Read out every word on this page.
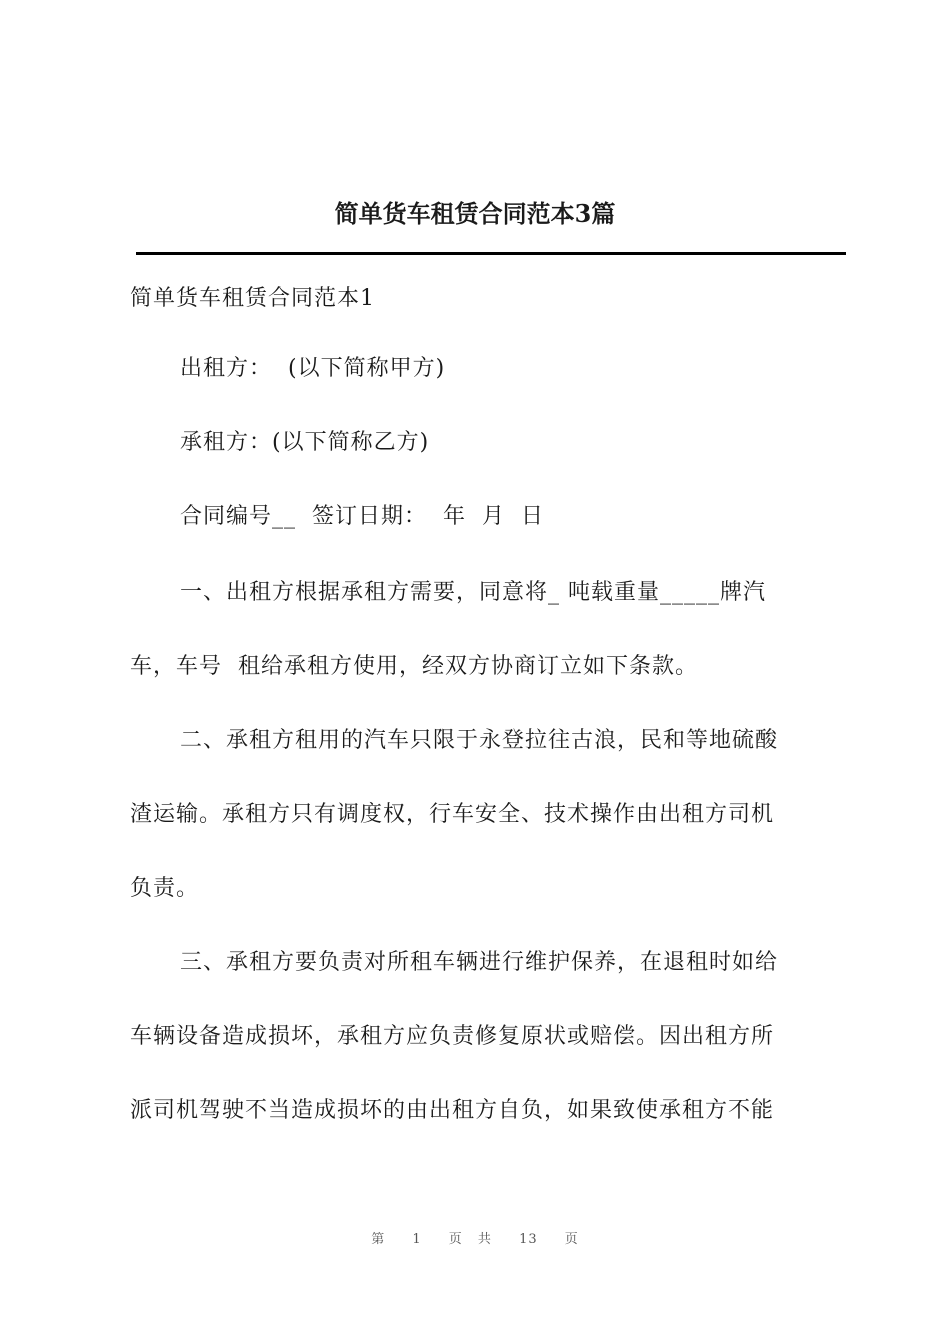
简单货车租赁合同范本3篇

简单货车租赁合同范本1

出租方：  (以下简称甲方)

承租方：(以下简称乙方)

合同编号__  签订日期：  年  月  日

一、出租方根据承租方需要，同意将_ 吨载重量_____牌汽

车，车号  租给承租方使用，经双方协商订立如下条款。

二、承租方租用的汽车只限于永登拉往古浪，民和等地硫酸

渣运输。承租方只有调度权，行车安全、技术操作由出租方司机

负责。

三、承租方要负责对所租车辆进行维护保养，在退租时如给

车辆设备造成损坏，承租方应负责修复原状或赔偿。因出租方所

派司机驾驶不当造成损坏的由出租方自负，如果致使承租方不能

第 1 页 共 13 页
